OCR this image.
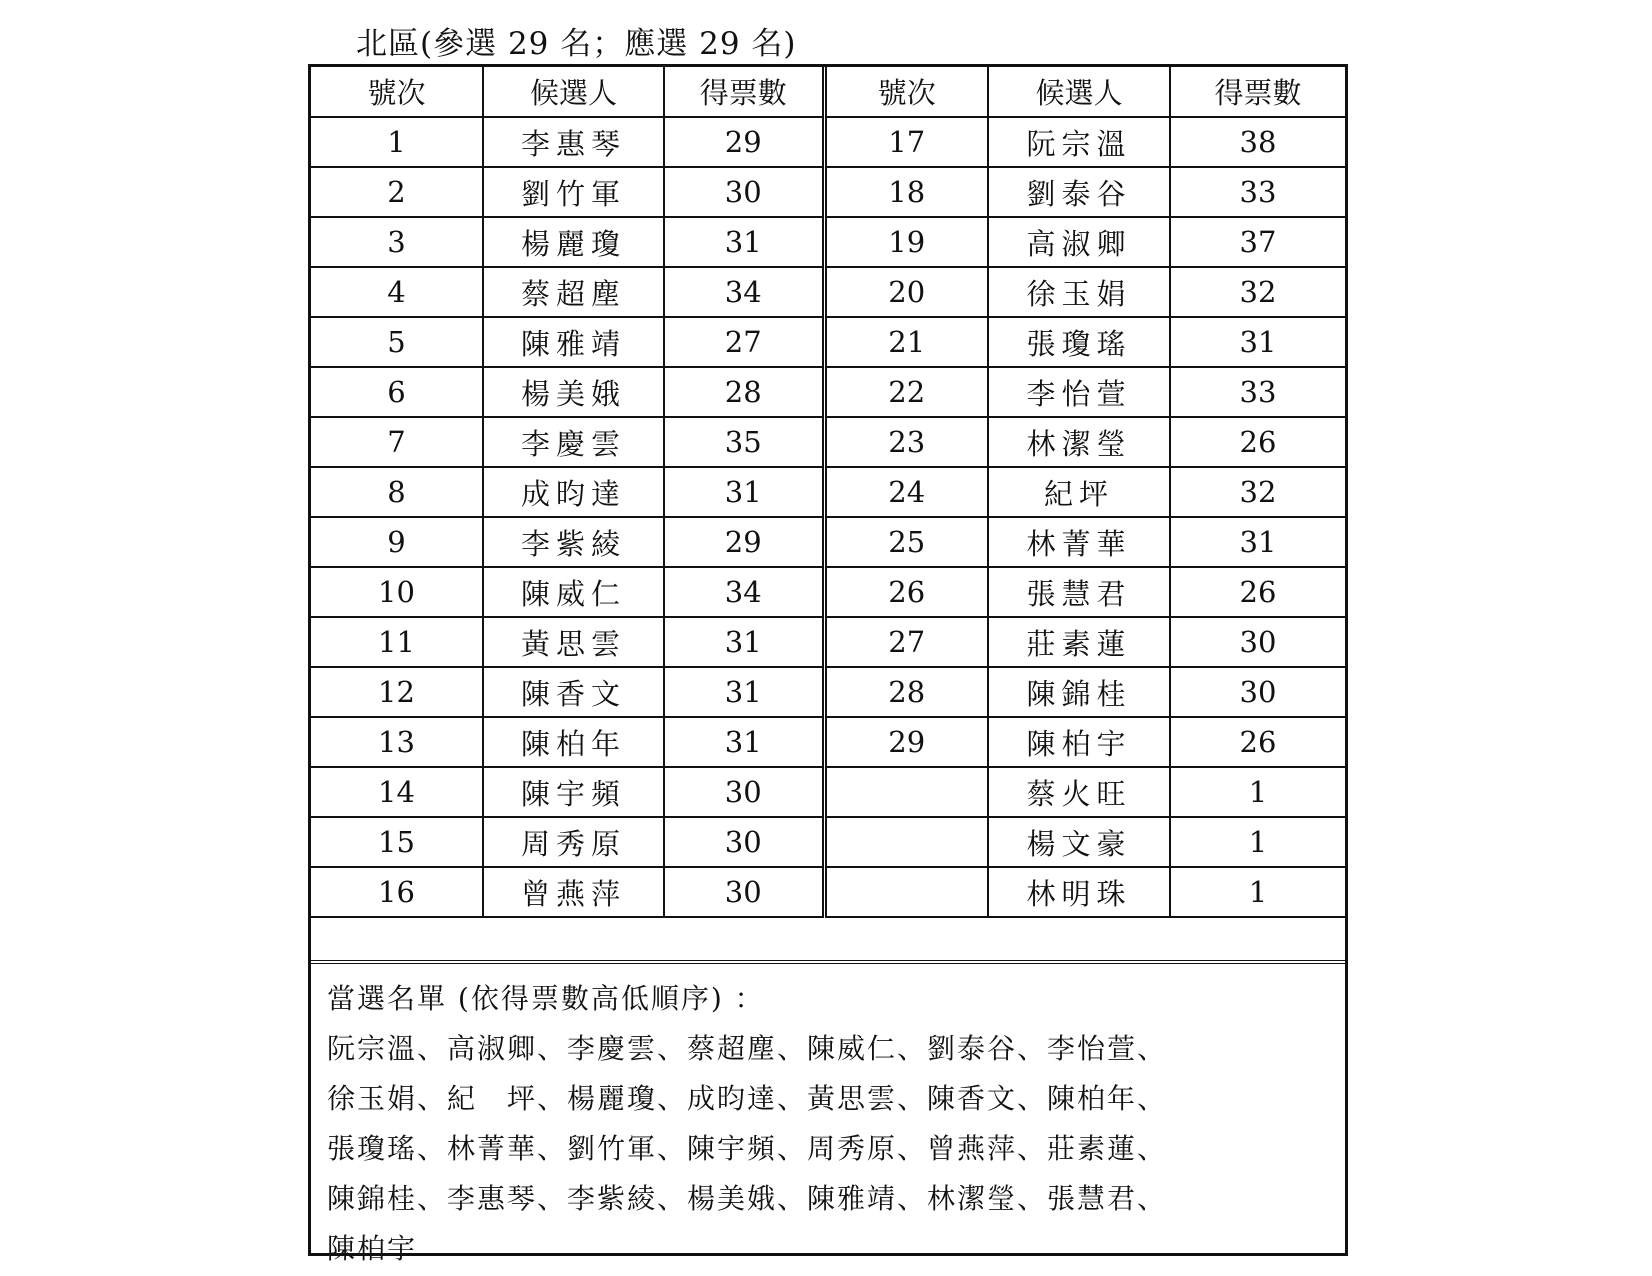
北區(參選 29 名；應選 29 名)
號次	候選人	得票數	號次	候選人	得票數
1	李惠琴	29	17	阮宗溫	38
2	劉竹軍	30	18	劉泰谷	33
3	楊麗瓊	31	19	高淑卿	37
4	蔡超塵	34	20	徐玉娟	32
5	陳雅靖	27	21	張瓊瑤	31
6	楊美娥	28	22	李怡萱	33
7	李慶雲	35	23	林潔瑩	26
8	成昀達	31	24	紀坪	32
9	李紫綾	29	25	林菁華	31
10	陳威仁	34	26	張慧君	26
11	黃思雲	31	27	莊素蓮	30
12	陳香文	31	28	陳錦桂	30
13	陳柏年	31	29	陳柏宇	26
14	陳宇頻	30		蔡火旺	1
15	周秀原	30		楊文豪	1
16	曾燕萍	30		林明珠	1
當選名單 (依得票數高低順序) ：
阮宗溫、高淑卿、李慶雲、蔡超塵、陳威仁、劉泰谷、李怡萱、
徐玉娟、紀　坪、楊麗瓊、成昀達、黃思雲、陳香文、陳柏年、
張瓊瑤、林菁華、劉竹軍、陳宇頻、周秀原、曾燕萍、莊素蓮、
陳錦桂、李惠琴、李紫綾、楊美娥、陳雅靖、林潔瑩、張慧君、
陳柏宇
